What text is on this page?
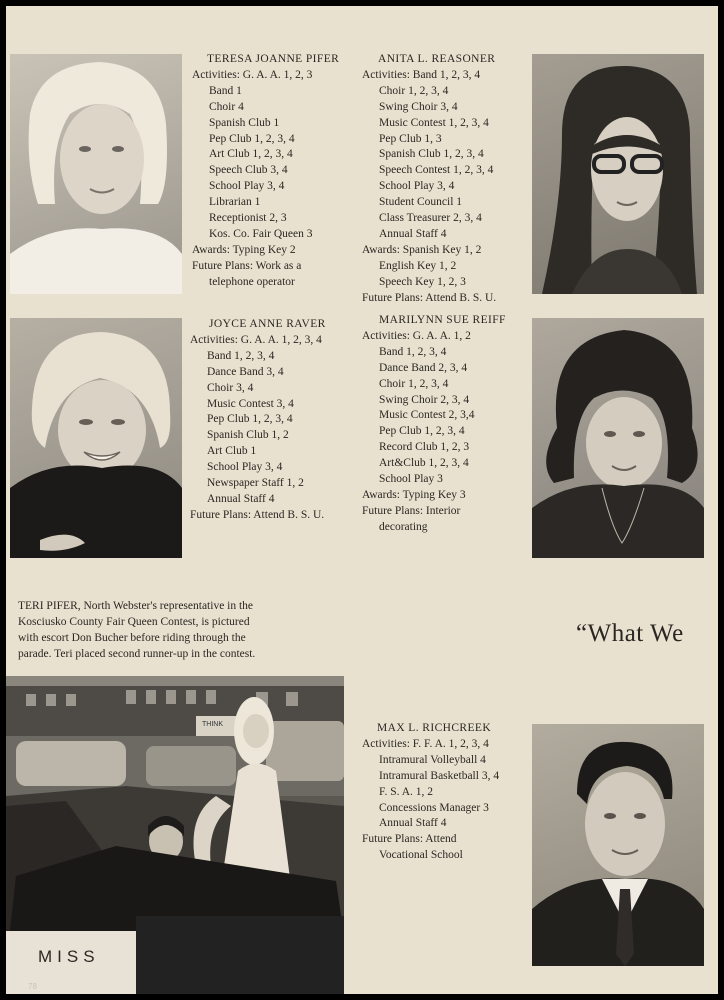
TERESA JOANNE PIFER
Activities: G. A. A. 1, 2, 3
Band 1
Choir 4
Spanish Club 1
Pep Club 1, 2, 3, 4
Art Club 1, 2, 3, 4
Speech Club 3, 4
School Play 3, 4
Librarian 1
Receptionist 2, 3
Kos. Co. Fair Queen 3
Awards: Typing Key 2
Future Plans: Work as a
telephone operator
ANITA L. REASONER
Activities: Band 1, 2, 3, 4
Choir 1, 2, 3, 4
Swing Choir 3, 4
Music Contest 1, 2, 3, 4
Pep Club 1, 3
Spanish Club 1, 2, 3, 4
Speech Contest 1, 2, 3, 4
School Play 3, 4
Student Council 1
Class Treasurer 2, 3, 4
Annual Staff 4
Awards: Spanish Key 1, 2
English Key 1, 2
Speech Key 1, 2, 3
Future Plans: Attend B. S. U.
JOYCE ANNE RAVER
Activities: G. A. A. 1, 2, 3, 4
Band 1, 2, 3, 4
Dance Band 3, 4
Choir 3, 4
Music Contest 3, 4
Pep Club 1, 2, 3, 4
Spanish Club 1, 2
Art Club 1
School Play 3, 4
Newspaper Staff 1, 2
Annual Staff 4
Future Plans: Attend B. S. U.
MARILYNN SUE REIFF
Activities: G. A. A. 1, 2
Band 1, 2, 3, 4
Dance Band 2, 3, 4
Choir 1, 2, 3, 4
Swing Choir 2, 3, 4
Music Contest 2, 3,4
Pep Club 1, 2, 3, 4
Record Club 1, 2, 3
Art&Club 1, 2, 3, 4
School Play 3
Awards: Typing Key 3
Future Plans: Interior
decorating
TERI PIFER, North Webster's representative in the
Kosciusko County Fair Queen Contest, is pictured
with escort Don Bucher before riding through the
parade. Teri placed second runner-up in the contest.
“What We
THINK
MISS
78
MAX L. RICHCREEK
Activities: F. F. A. 1, 2, 3, 4
Intramural Volleyball 4
Intramural Basketball 3, 4
F. S. A. 1, 2
Concessions Manager 3
Annual Staff 4
Future Plans: Attend
Vocational School
